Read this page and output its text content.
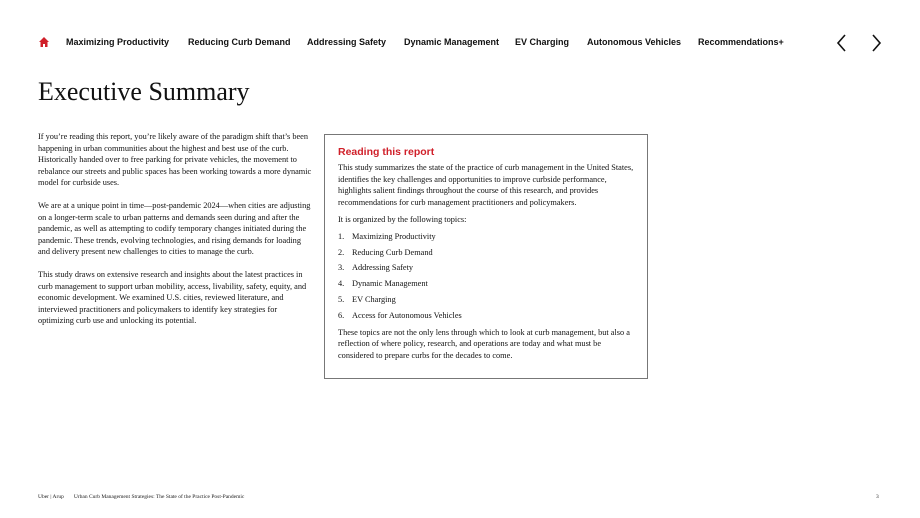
Maximizing Productivity Reducing Curb Demand Addressing Safety Dynamic Management EV Charging Autonomous Vehicles Recommendations+
Executive Summary

If you’re reading this report, you’re likely aware of the paradigm shift that’s been happening in urban communities about the highest and best use of the curb. Historically handed over to free parking for private vehicles, the movement to rebalance our streets and public spaces has been working towards a more dynamic model for curbside uses.

We are at a unique point in time—post-pandemic 2024—when cities are adjusting on a longer-term scale to urban patterns and demands seen during and after the pandemic, as well as attempting to codify temporary changes initiated during the pandemic. These trends, evolving technologies, and rising demands for loading and delivery present new challenges to cities to manage the curb.

This study draws on extensive research and insights about the latest practices in curb management to support urban mobility, access, livability, safety, equity, and economic development. We examined U.S. cities, reviewed literature, and interviewed practitioners and policymakers to identify key strategies for optimizing curb use and unlocking its potential.

Reading this report

This study summarizes the state of the practice of curb management in the United States, identifies the key challenges and opportunities to improve curbside performance, highlights salient findings throughout the course of this research, and provides recommendations for curb management practitioners and policymakers.

It is organized by the following topics:

1. Maximizing Productivity
2. Reducing Curb Demand
3. Addressing Safety
4. Dynamic Management
5. EV Charging
6. Access for Autonomous Vehicles

These topics are not the only lens through which to look at curb management, but also a reflection of where policy, research, and operations are today and what must be considered to prepare curbs for the decades to come.

Uber | Arup Urban Curb Management Strategies: The State of the Practice Post-Pandemic	3
